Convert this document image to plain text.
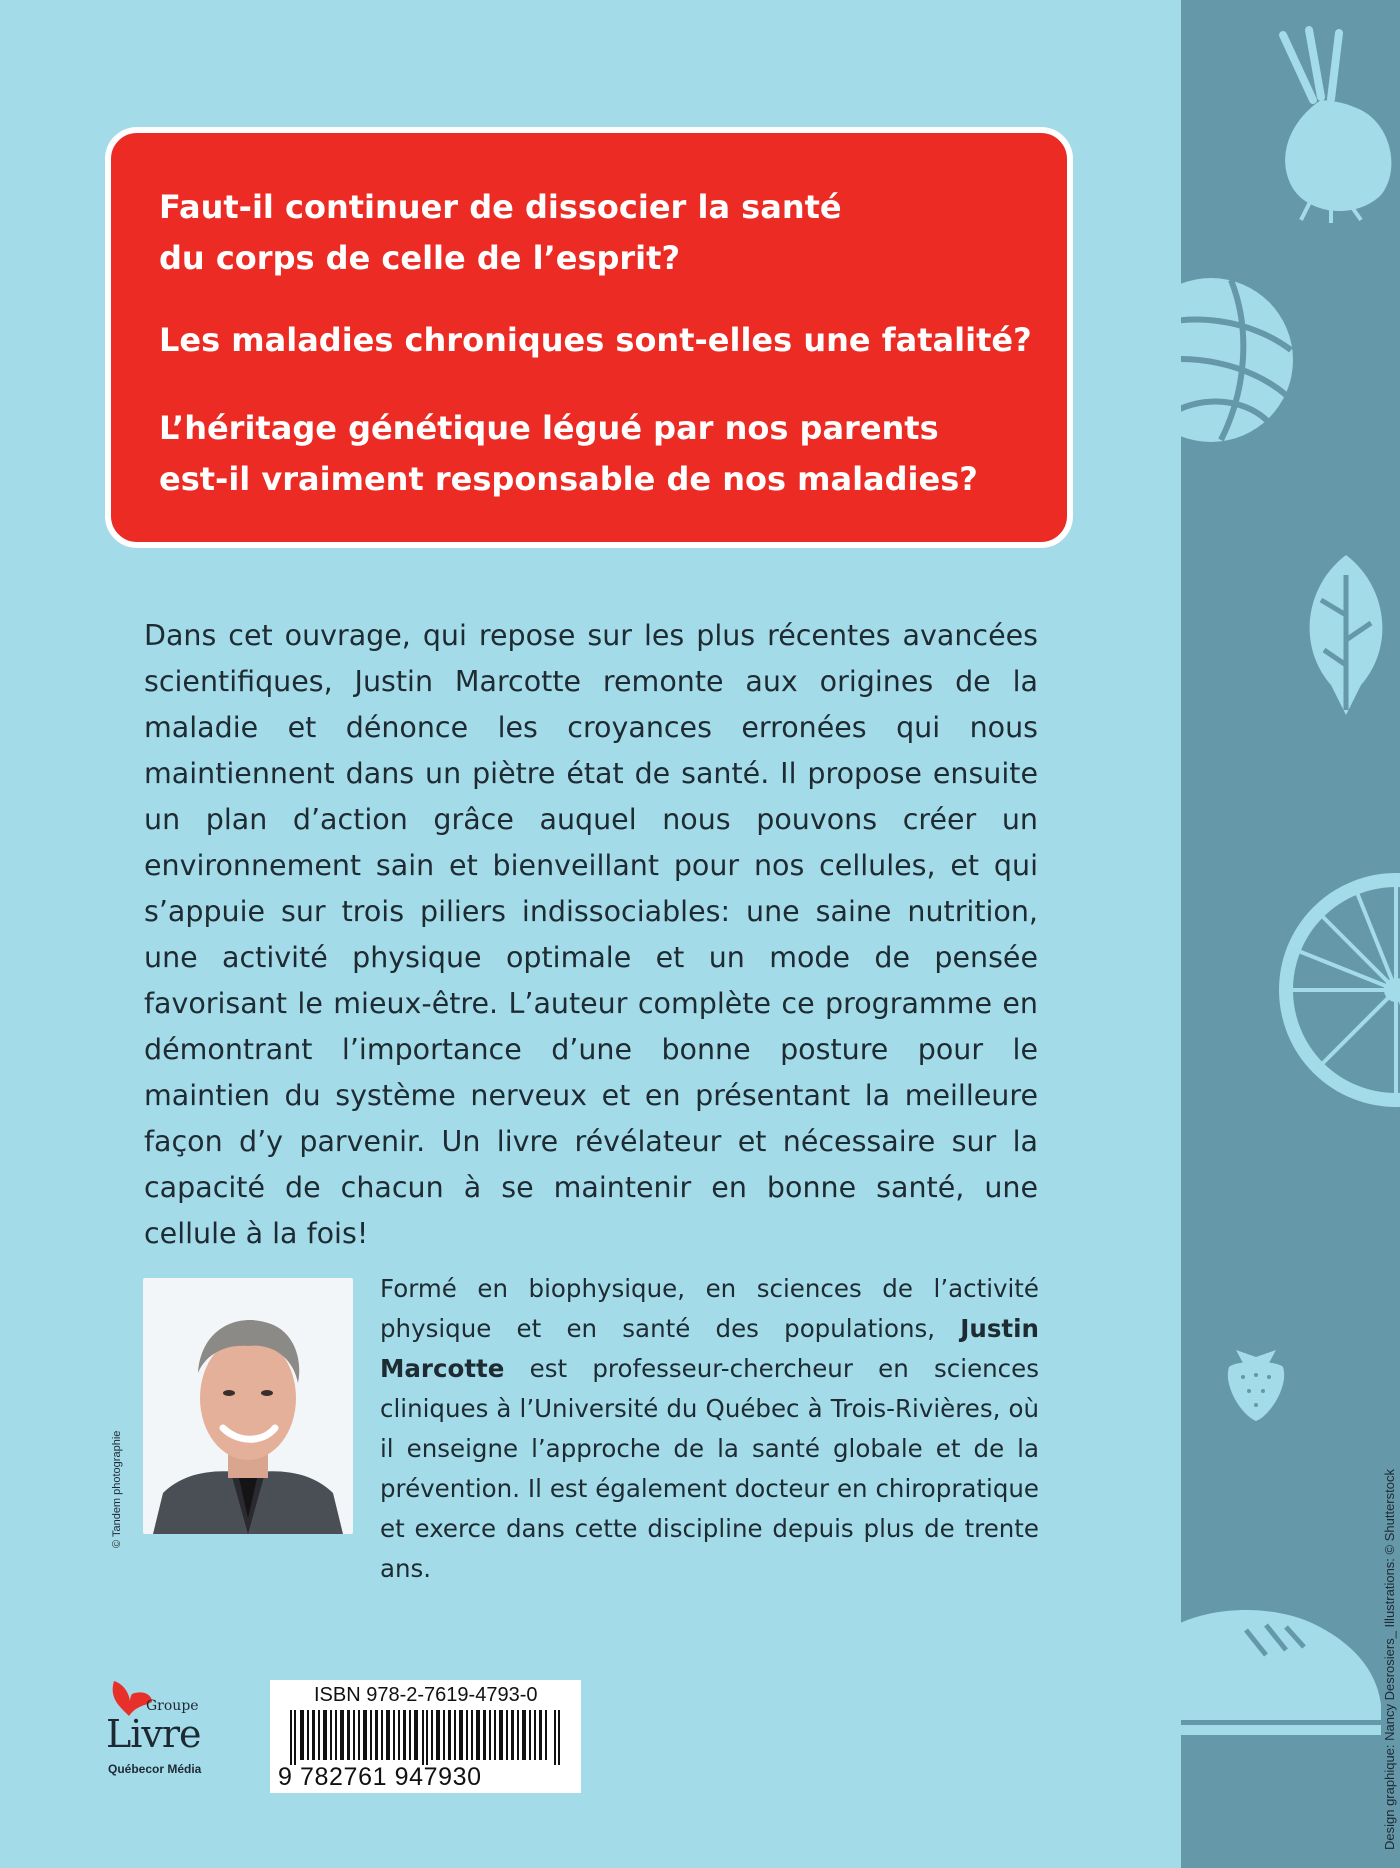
Faut-il continuer de dissocier la santé

du corps de celle de l’esprit?

Les maladies chroniques sont-elles une fatalité?

L’héritage génétique légué par nos parents

est-il vraiment responsable de nos maladies?

Dans cet ouvrage, qui repose sur les plus récentes avancées scientifiques, Justin Marcotte remonte aux origines de la maladie et dénonce les croyances erronées qui nous maintiennent dans un piètre état de santé. Il propose ensuite un plan d’action grâce auquel nous pouvons créer un environnement sain et bienveillant pour nos cellules, et qui s’appuie sur trois piliers indissociables: une saine nutrition, une activité physique optimale et un mode de pensée favorisant le mieux-être. L’auteur complète ce programme en démontrant l’importance d’une bonne posture pour le maintien du système nerveux et en présentant la meilleure façon d’y parvenir. Un livre révélateur et nécessaire sur la capacité de chacun à se maintenir en bonne santé, une cellule à la fois!

© Tandem photographie

Formé en biophysique, en sciences de l’activité physique et en santé des populations, Justin Marcotte est professeur-chercheur en sciences cliniques à l’Université du Québec à Trois-Rivières, où il enseigne l’approche de la santé globale et de la prévention. Il est également docteur en chiropratique et exerce dans cette discipline depuis plus de trente ans.

Groupe
Livre
Québecor Média
ISBN 978-2-7619-4793-0
9 782761 947930	Design graphique: Nancy Desrosiers_ Illustrations: © Shutterstock
